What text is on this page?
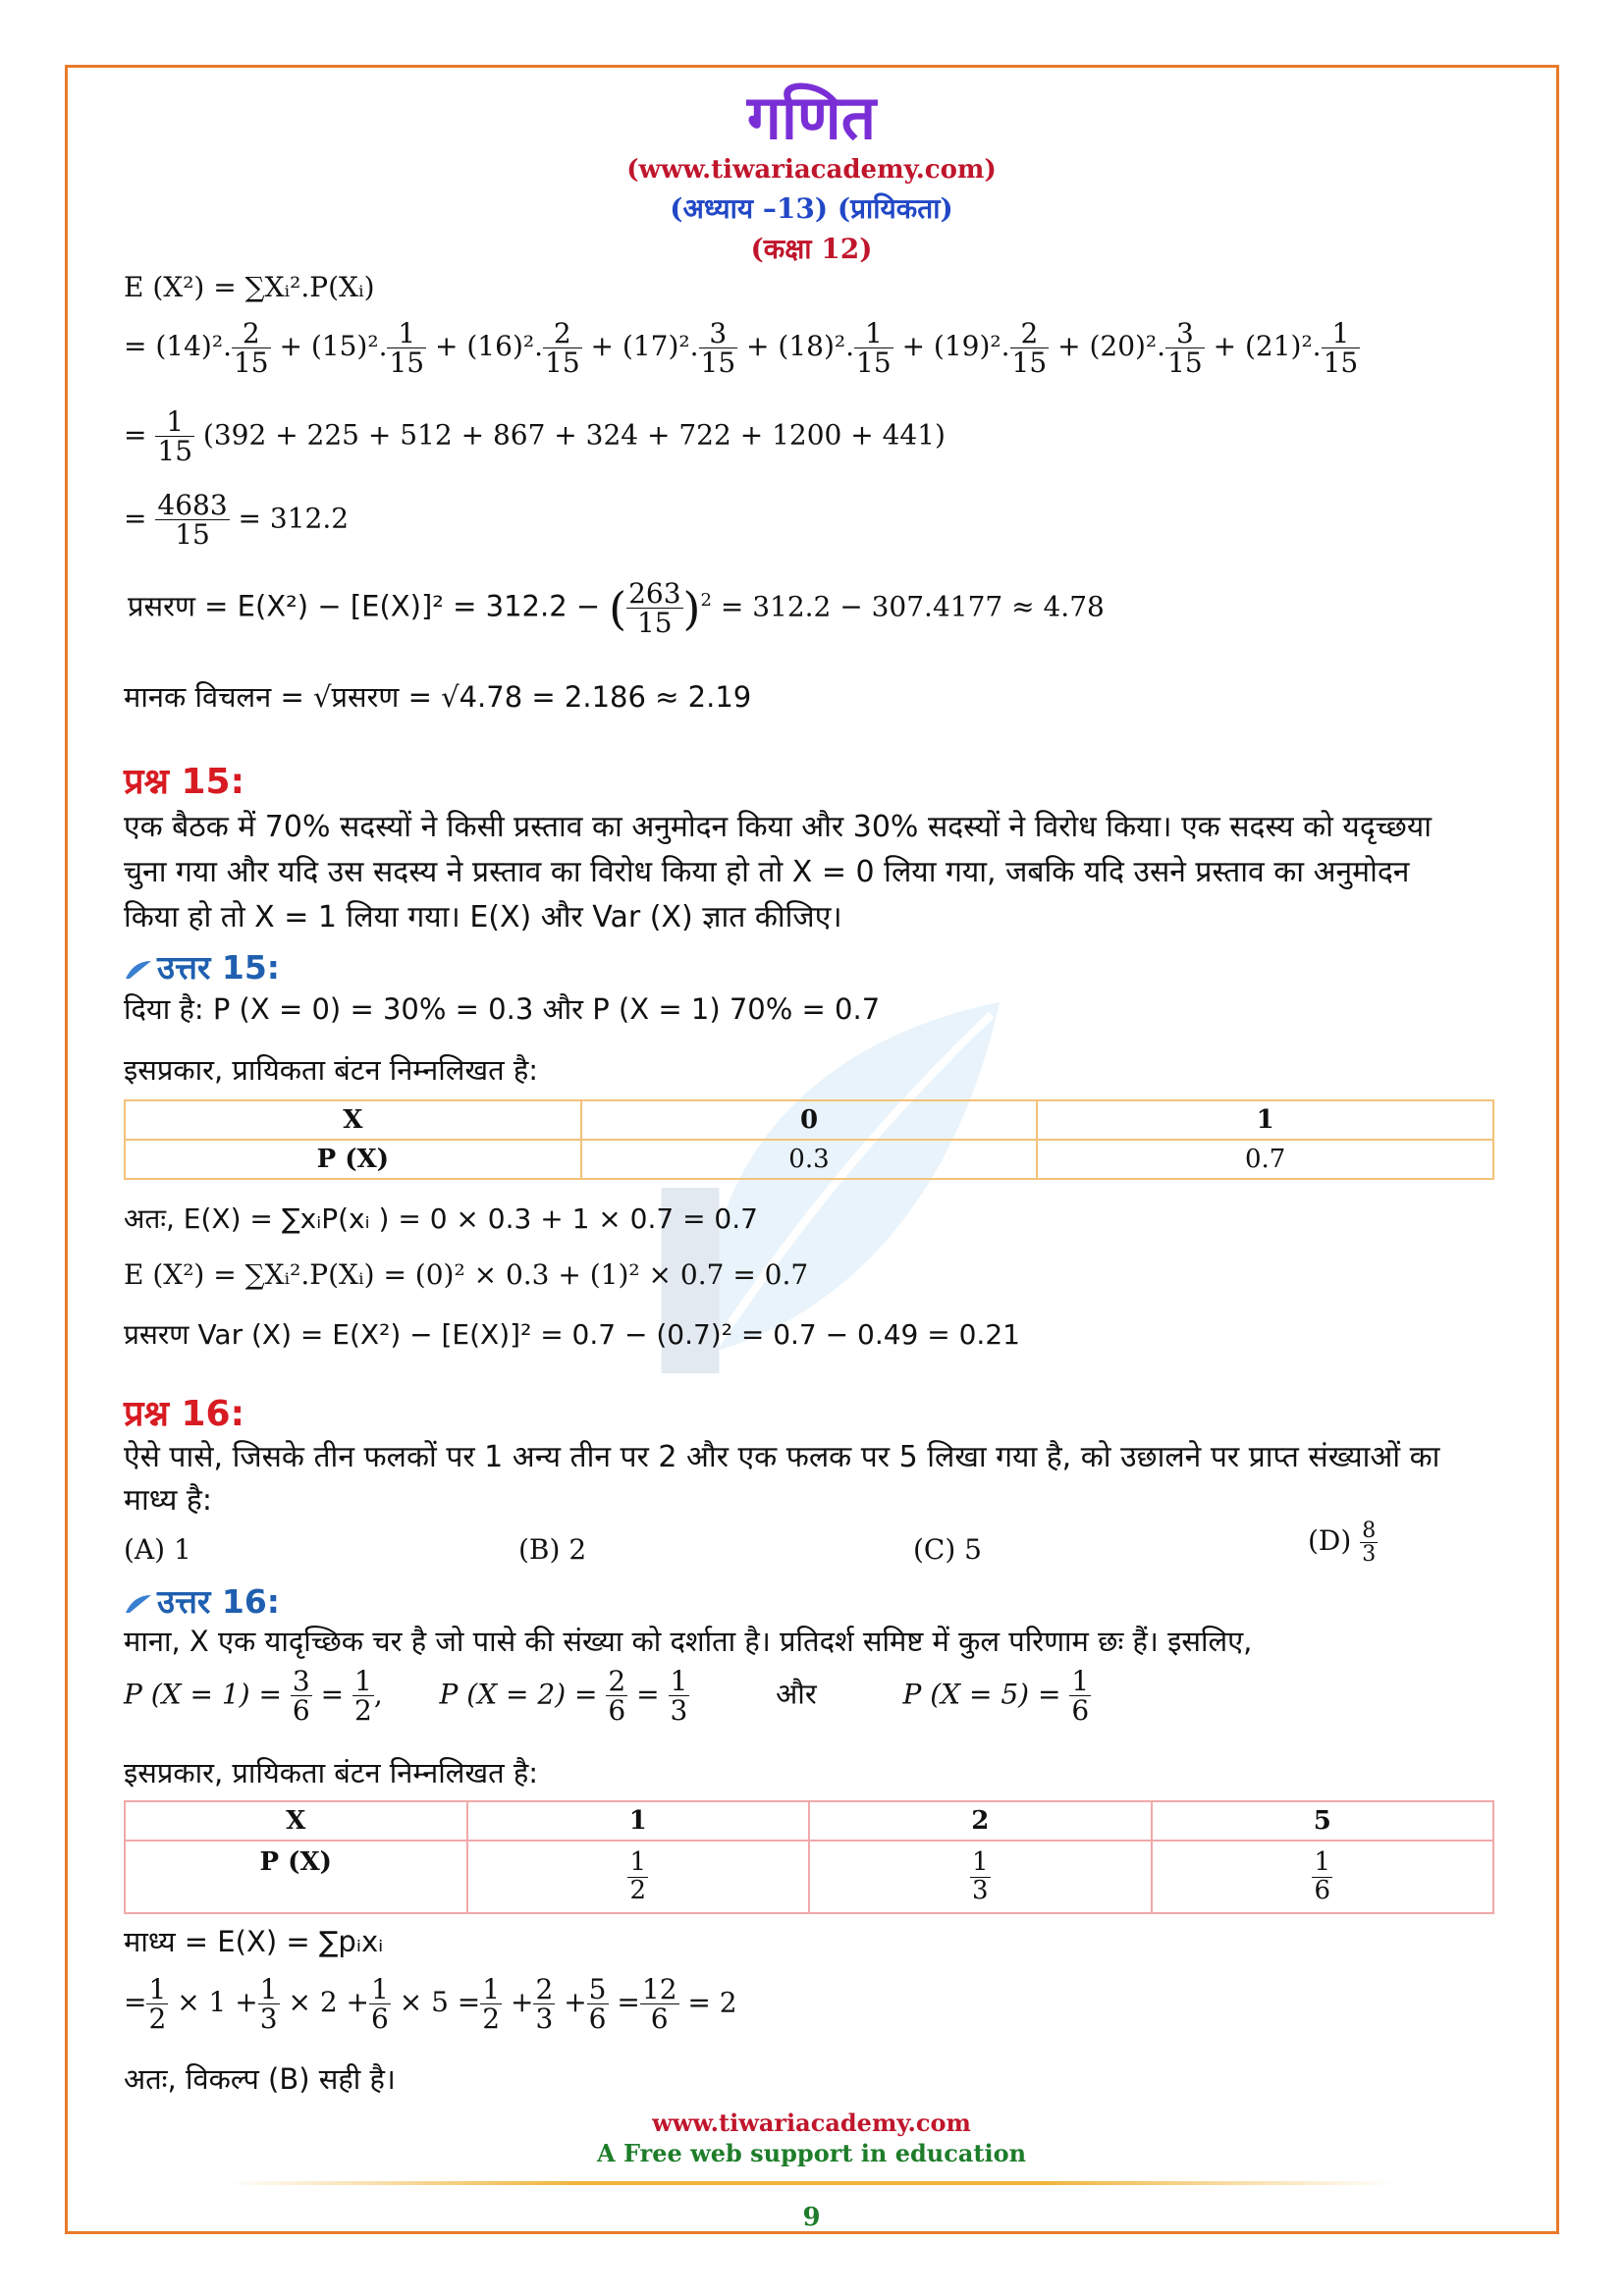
गणित
(www.tiwariacademy.com)
(अध्याय –13) (प्रायिकता)
(कक्षा 12)
E (X²) = ∑Xᵢ².P(Xᵢ)
= (14)². $\frac{2}{15} + (15)^2$. $\frac{1}{15} + (16)^2$. $\frac{2}{15} + (17)^2$. $\frac{3}{15} + (18)^2$. $\frac{1}{15} + (19)^2$. $\frac{2}{15} + (20)^2$. $\frac{3}{15} + (21)^2$. $\frac{1}{15}$
= $\frac{1}{15} (392 + 225 + 512 + 867 + 324 + 722 + 1200 + 441)$
= $\frac{4683}{15} = 312.2$
प्रसरण = E(X²) − [E(X)]² = 312.2 − ( $\frac{263}{15} )^2 = 312.2 - 307.4177 \approx 4.78$
मानक विचलन = √प्रसरण = √4.78 = 2.186 ≈ 2.19
प्रश्न 15:
एक बैठक में 70% सदस्यों ने किसी प्रस्ताव का अनुमोदन किया और 30% सदस्यों ने विरोध किया। एक सदस्य को यदृच्छया
चुना गया और यदि उस सदस्य ने प्रस्ताव का विरोध किया हो तो X = 0 लिया गया, जबकि यदि उसने प्रस्ताव का अनुमोदन
किया हो तो X = 1 लिया गया। E(X) और Var (X) ज्ञात कीजिए।
उत्तर 15:
दिया है: P (X = 0) = 30% = 0.3 और P (X = 1) 70% = 0.7
इसप्रकार, प्रायिकता बंटन निम्नलिखत है:
X	0	1
P (X)	0.3	0.7
अतः, E(X) = ∑xᵢP(xᵢ ) = 0 × 0.3 + 1 × 0.7 = 0.7
E (X²) = ∑Xᵢ².P(Xᵢ) = (0)² × 0.3 + (1)² × 0.7 = 0.7
प्रसरण Var (X) = E(X²) − [E(X)]² = 0.7 − (0.7)² = 0.7 − 0.49 = 0.21
प्रश्न 16:
ऐसे पासे, जिसके तीन फलकों पर 1 अन्य तीन पर 2 और एक फलक पर 5 लिखा गया है, को उछालने पर प्राप्त संख्याओं का
माध्य है:
(A) 1	(B) 2	(C) 5	$(D) \frac{8}{3}$
उत्तर 16:
माना, X एक यादृच्छिक चर है जो पासे की संख्या को दर्शाता है। प्रतिदर्श समिष्ट में कुल परिणाम छः हैं। इसलिए,
P $(X = 1) = \frac{3}{6} = \frac{1}{2}$ , P $(X = 2) = \frac{2}{6} = \frac{1}{3}$	और	P $(X = 5) = \frac{1}{6}$
इसप्रकार, प्रायिकता बंटन निम्नलिखत है:
X	1	2	5
P (X)	$\frac{1}{2}$	$\frac{1}{3}$	$\frac{1}{6}$
माध्य = E(X) = ∑pᵢxᵢ
= $\frac{1}{2} \times 1 + \frac{1}{3} \times 2 + \frac{1}{6} \times 5 = \frac{1}{2} + \frac{2}{3} + \frac{5}{6} = \frac{12}{6} = 2$
अतः, विकल्प (B) सही है।
www.tiwariacademy.com
A Free web support in education
9
